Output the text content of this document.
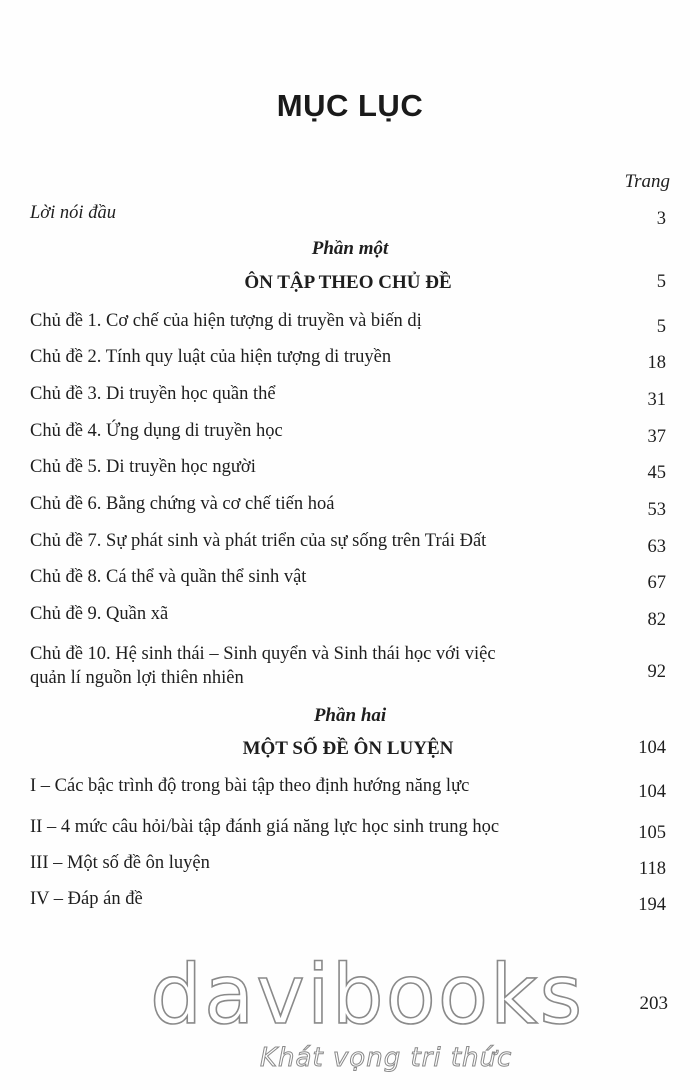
MỤC LỤC
Trang
Lời nói đầu	3
Phần một
ÔN TẬP THEO CHỦ ĐỀ	5
Chủ đề 1. Cơ chế của hiện tượng di truyền và biến dị	5
Chủ đề 2. Tính quy luật của hiện tượng di truyền	18
Chủ đề 3. Di truyền học quần thể	31
Chủ đề 4. Ứng dụng di truyền học	37
Chủ đề 5. Di truyền học người	45
Chủ đề 6. Bằng chứng và cơ chế tiến hoá	53
Chủ đề 7. Sự phát sinh và phát triển của sự sống trên Trái Đất	63
Chủ đề 8. Cá thể và quần thể sinh vật	67
Chủ đề 9. Quần xã	82
Chủ đề 10. Hệ sinh thái – Sinh quyển và Sinh thái học với việc
quản lí nguồn lợi thiên nhiên	92
Phần hai
MỘT SỐ ĐỀ ÔN LUYỆN	104
I – Các bậc trình độ trong bài tập theo định hướng năng lực	104
II – 4 mức câu hỏi/bài tập đánh giá năng lực học sinh trung học	105
III – Một số đề ôn luyện	118
IV – Đáp án đề	194
davibooks
Khát vọng tri thức
203
